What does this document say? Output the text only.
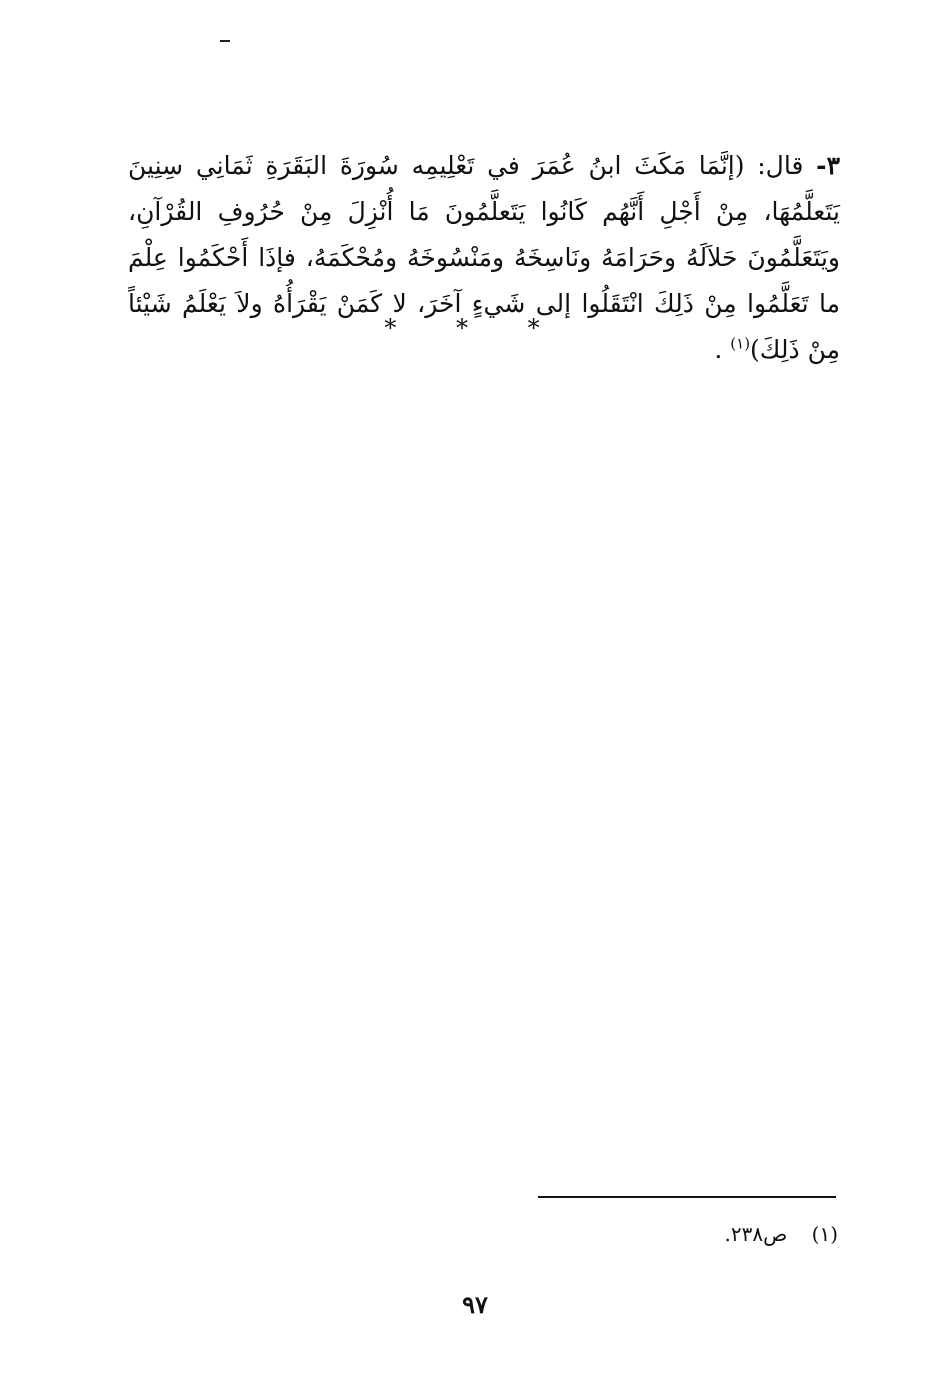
٣- قال: (إنَّمَا مَكَثَ ابنُ عُمَرَ في تَعْلِيمِه سُورَةَ البَقَرَةِ ثَمَانِي سِنِينَ يَتَعلَّمُهَا، مِنْ أَجْلِ أَنَّهُم كَانُوا يَتَعلَّمُونَ مَا أُنْزِلَ مِنْ حُرُوفِ القُرْآنِ، ويَتَعَلَّمُونَ حَلاَلَهُ وحَرَامَهُ ونَاسِخَهُ ومَنْسُوخَهُ ومُحْكَمَهُ، فإذَا أَحْكَمُوا عِلْمَ ما تَعَلَّمُوا مِنْ ذَلِكَ انْتَقَلُوا إلى شَيءٍ آخَرَ، لا كَمَنْ يَقْرَأُهُ ولاَ يَعْلَمُ شَيْئاً مِنْ ذَلِكَ)$^{(١)}$ .

* * *
(١) ص٢٣٨.
٩٧
